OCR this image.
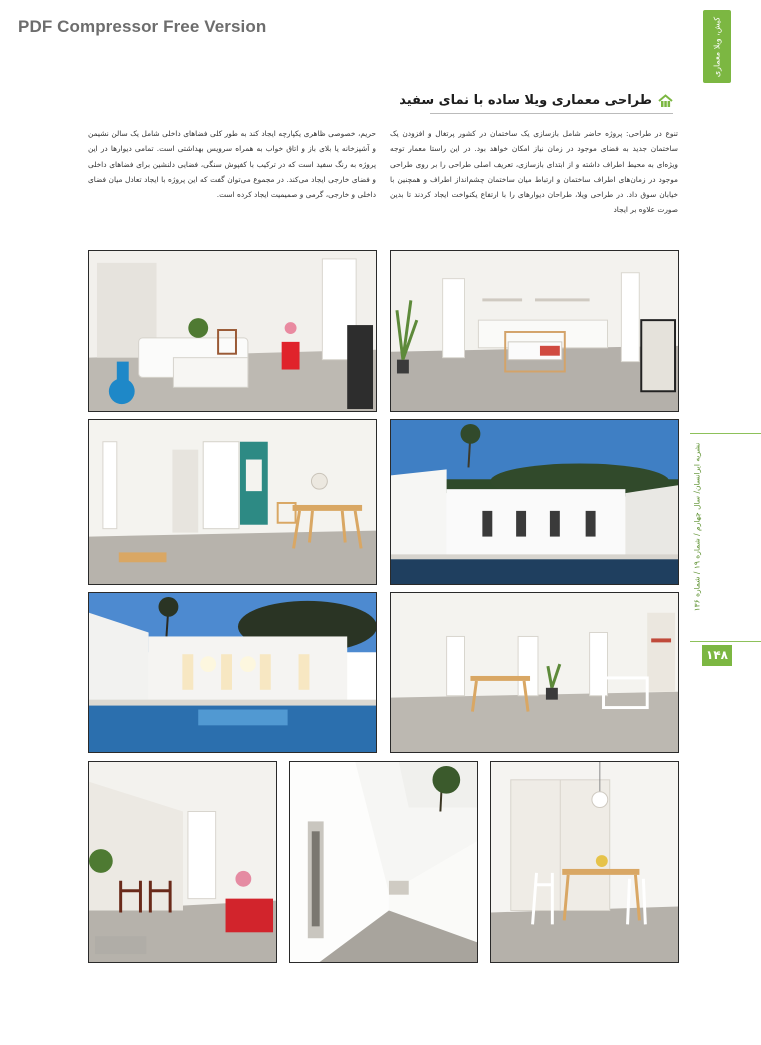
PDF Compressor Free Version	کیش، ویلا معماری
طراحی معماری ویلا ساده با نمای سفید
تنوع در طراحی: پروژه حاضر شامل بازسازی یک ساختمان در کشور پرتغال و افزودن یک ساختمان جدید به فضای موجود در زمان نیاز امکان خواهد بود. در این راستا معمار توجه ویژه‌ای به محیط اطراف داشته و از ابتدای بازسازی، تعریف اصلی طراحی را بر روی طراحی موجود در زمان‌های اطراف ساختمان و ارتباط میان ساختمان چشم‌انداز اطراف و همچنین با خیابان سوق داد. در طراحی ویلا، طراحان دیوارهای را با ارتفاع یکنواخت ایجاد کردند تا بدین صورت علاوه بر ایجاد
حریم، خصوصی ظاهری یکپارچه ایجاد کند به طور کلی فضاهای داخلی شامل یک سالن نشیمن و آشپزخانه یا بلای باز و اتاق خواب به همراه سرویس بهداشتی است. تمامی دیوارها در این پروژه به رنگ سفید است که در ترکیب با کفپوش سنگی، فضایی دلنشین برای فضاهای داخلی و فضای خارجی ایجاد می‌کند. در مجموع می‌توان گفت که این پروژه با ایجاد تعادل میان فضای داخلی و خارجی، گرمی و صمیمیت ایجاد کرده است.
نشریه ایرانسان/ سال چهارم / شماره ۱۹ / شماره ۱۳۶
۱۴۸
